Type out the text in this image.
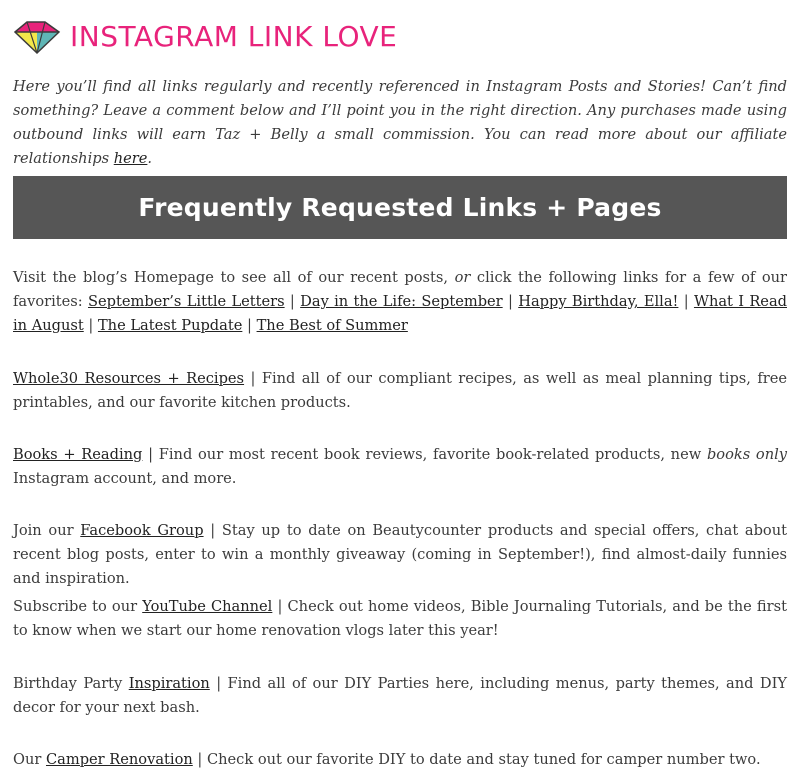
INSTAGRAM LINK LOVE
Here you’ll find all links regularly and recently referenced in Instagram Posts and Stories! Can’t find something? Leave a comment below and I’ll point you in the right direction. Any purchases made using outbound links will earn Taz + Belly a small commission. You can read more about our affiliate relationships here.
Frequently Requested Links + Pages
Visit the blog’s Homepage to see all of our recent posts, or click the following links for a few of our favorites: September’s Little Letters | Day in the Life: September | Happy Birthday, Ella! | What I Read in August | The Latest Pupdate | The Best of Summer
Whole30 Resources + Recipes | Find all of our compliant recipes, as well as meal planning tips, free printables, and our favorite kitchen products.
Books + Reading | Find our most recent book reviews, favorite book-related products, new books only Instagram account, and more.
Join our Facebook Group | Stay up to date on Beautycounter products and special offers, chat about recent blog posts, enter to win a monthly giveaway (coming in September!), find almost-daily funnies and inspiration.
Subscribe to our YouTube Channel | Check out home videos, Bible Journaling Tutorials, and be the first to know when we start our home renovation vlogs later this year!
Birthday Party Inspiration | Find all of our DIY Parties here, including menus, party themes, and DIY decor for your next bash.
Our Camper Renovation | Check out our favorite DIY to date and stay tuned for camper number two.
